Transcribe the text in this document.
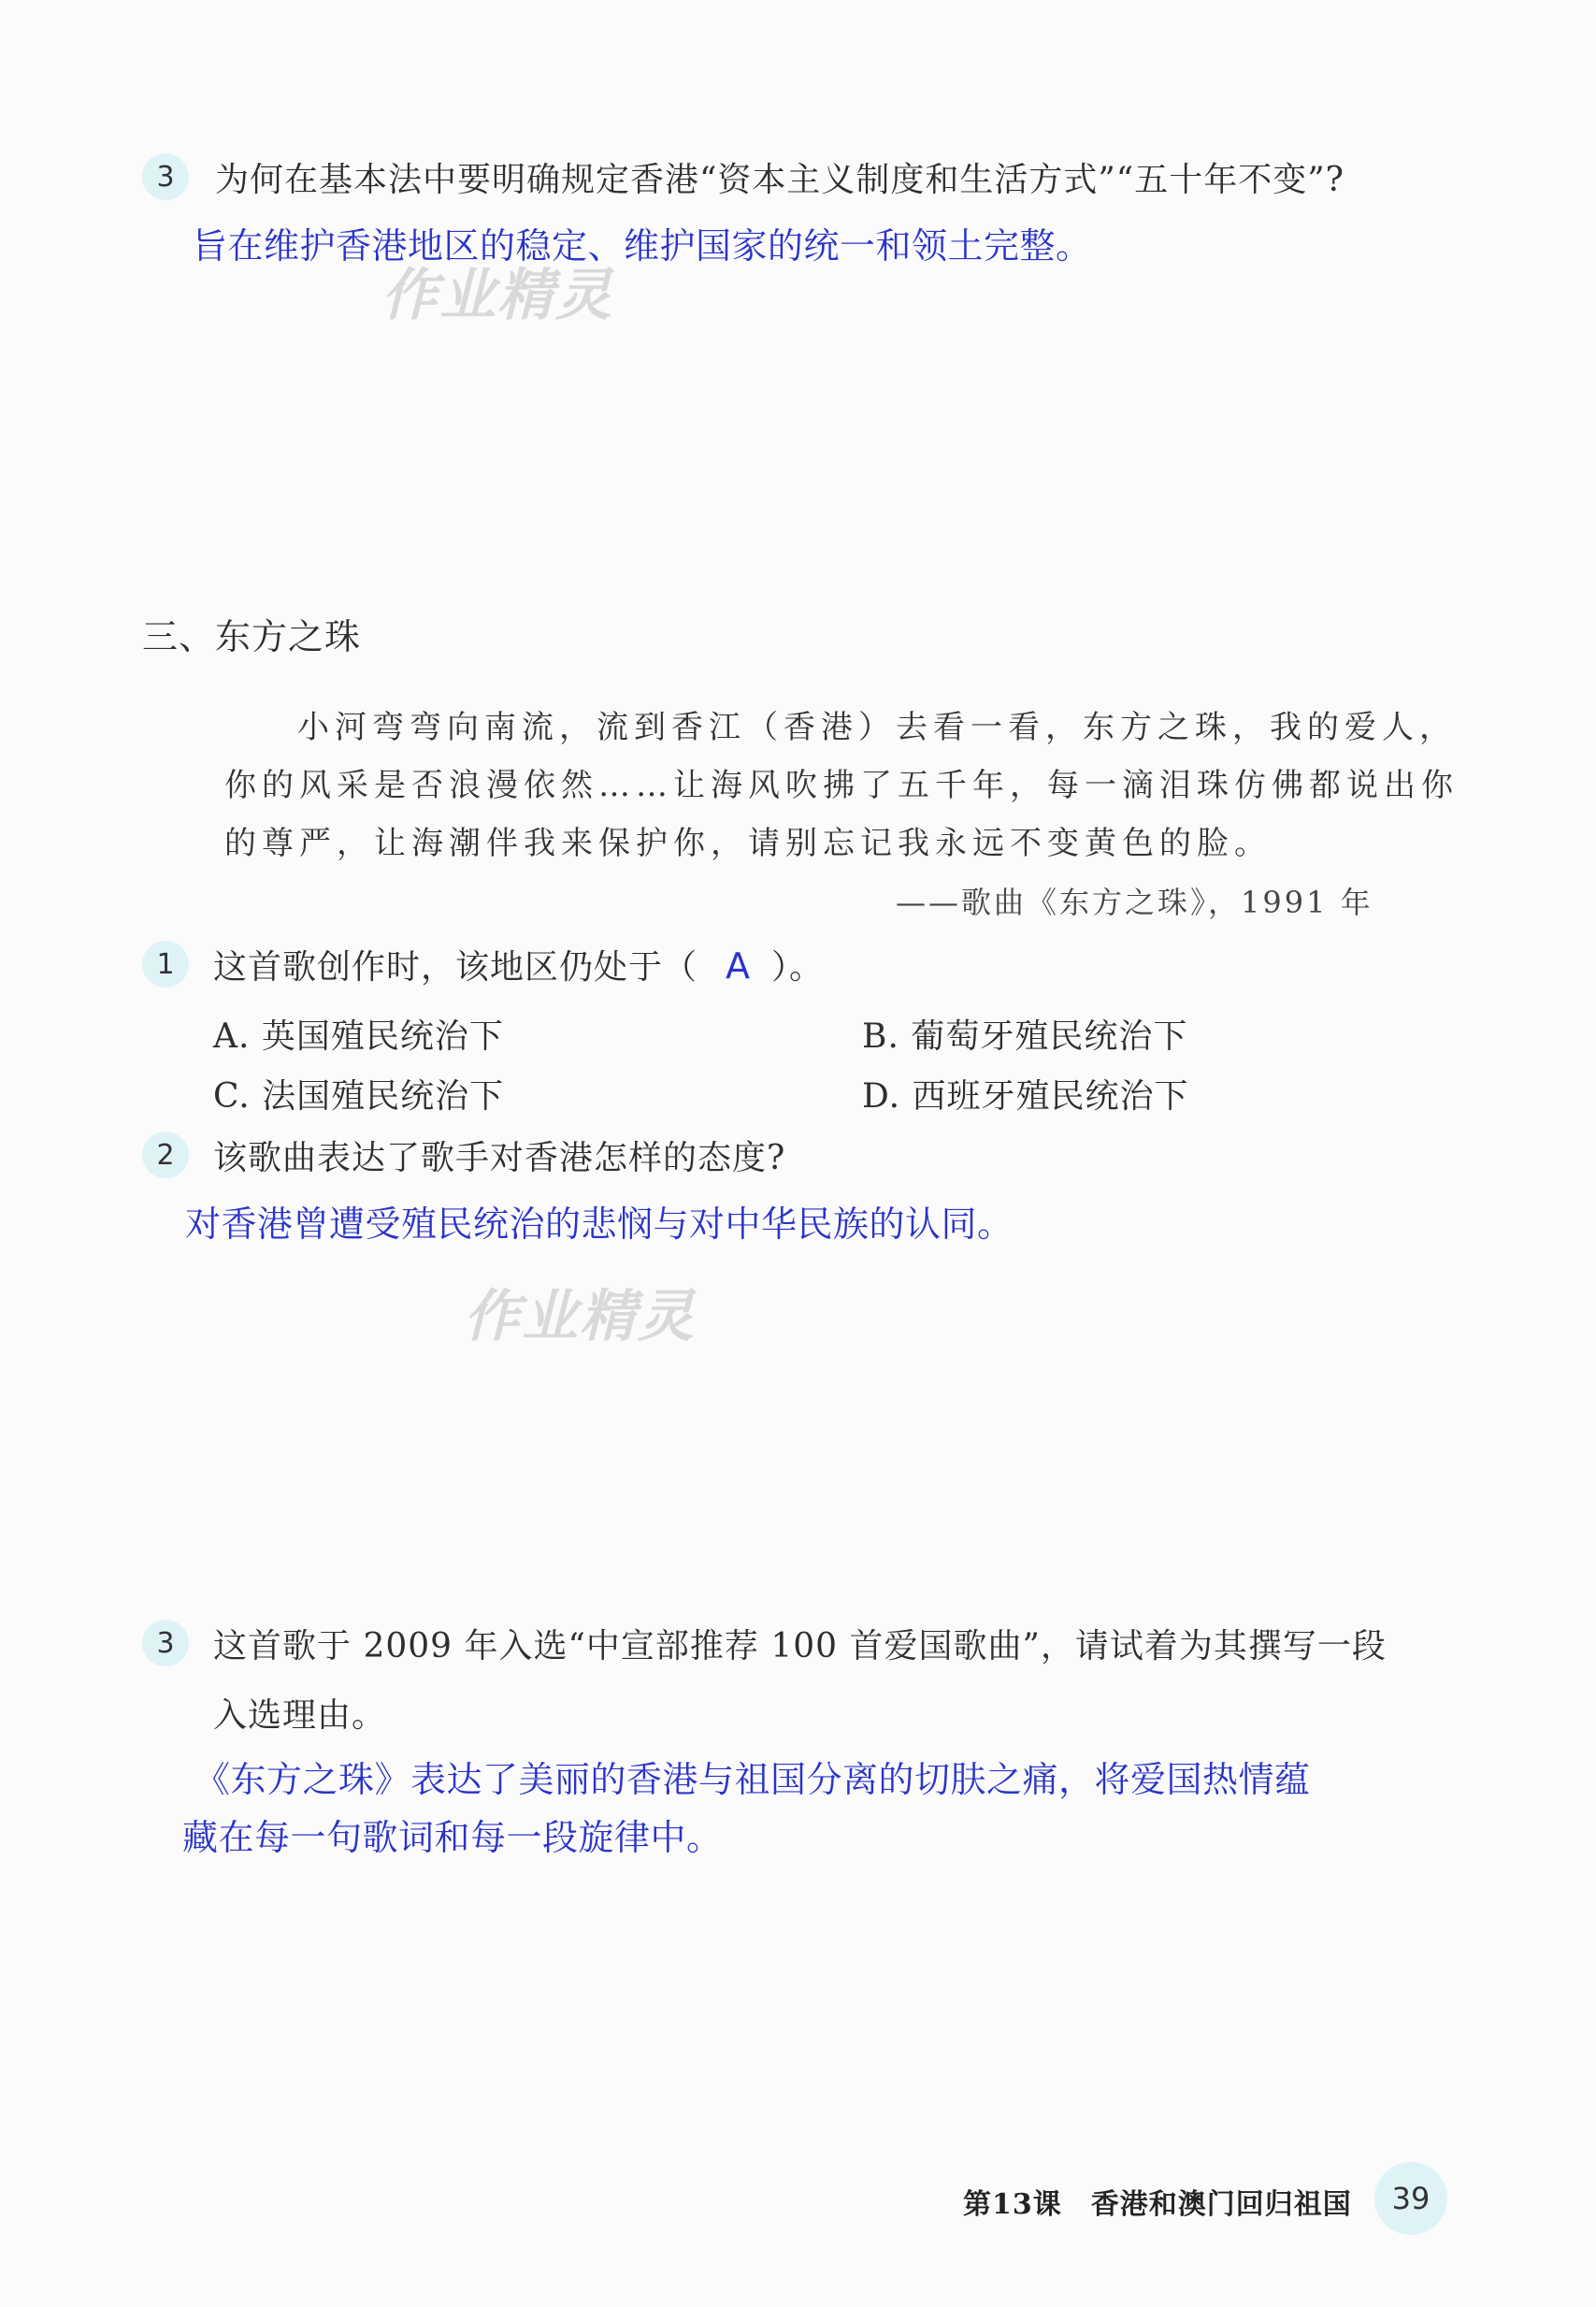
3 为何在基本法中要明确规定香港“资本主义制度和生活方式”“五十年不变”?
旨在维护香港地区的稳定、维护国家的统一和领土完整。
作业精灵
三、东方之珠
小河弯弯向南流，流到香江（香港）去看一看，东方之珠，我的爱人，
你的风采是否浪漫依然……让海风吹拂了五千年，每一滴泪珠仿佛都说出你
的尊严，让海潮伴我来保护你，请别忘记我永远不变黄色的脸。
——歌曲《东方之珠》，1991 年
1 这首歌创作时，该地区仍处于（ A ）。
A. 英国殖民统治下	B. 葡萄牙殖民统治下
C. 法国殖民统治下	D. 西班牙殖民统治下
2 该歌曲表达了歌手对香港怎样的态度?
对香港曾遭受殖民统治的悲悯与对中华民族的认同。
作业精灵
3 这首歌于 2009 年入选“中宣部推荐 100 首爱国歌曲”，请试着为其撰写一段
入选理由。
《东方之珠》表达了美丽的香港与祖国分离的切肤之痛，将爱国热情蕴
藏在每一句歌词和每一段旋律中。
第13课　香港和澳门回归祖国 39
